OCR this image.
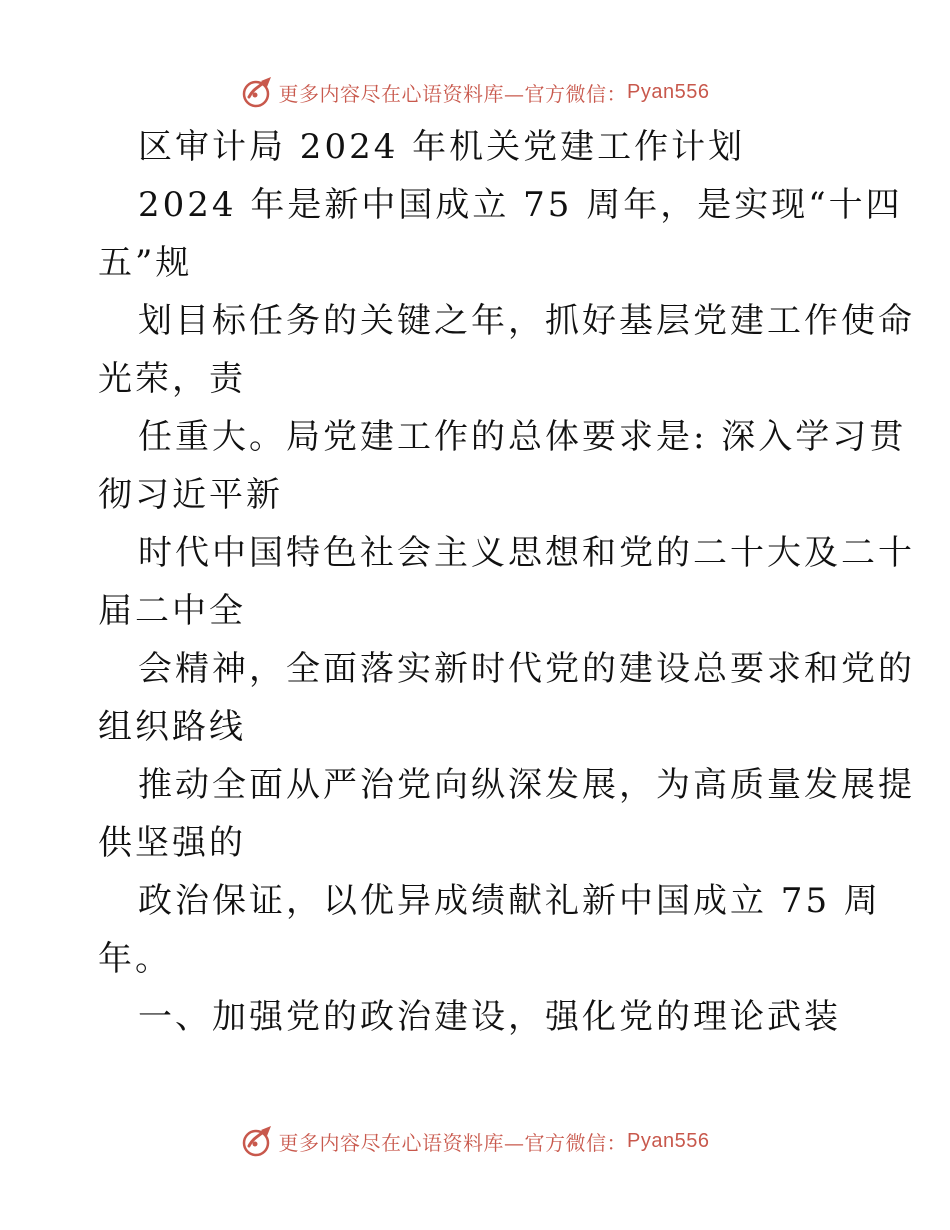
更多内容尽在心语资料库—官方微信： Pyan556
区审计局 2024 年机关党建工作计划
2024 年是新中国成立 75 周年，是实现“十四
五”规
划目标任务的关键之年，抓好基层党建工作使命
光荣，责
任重大。局党建工作的总体要求是: 深入学习贯
彻习近平新
时代中国特色社会主义思想和党的二十大及二十
届二中全
会精神，全面落实新时代党的建设总要求和党的
组织路线
推动全面从严治党向纵深发展，为高质量发展提
供坚强的
政治保证，以优异成绩献礼新中国成立 75 周
年。
一、加强党的政治建设，强化党的理论武装
更多内容尽在心语资料库—官方微信： Pyan556
